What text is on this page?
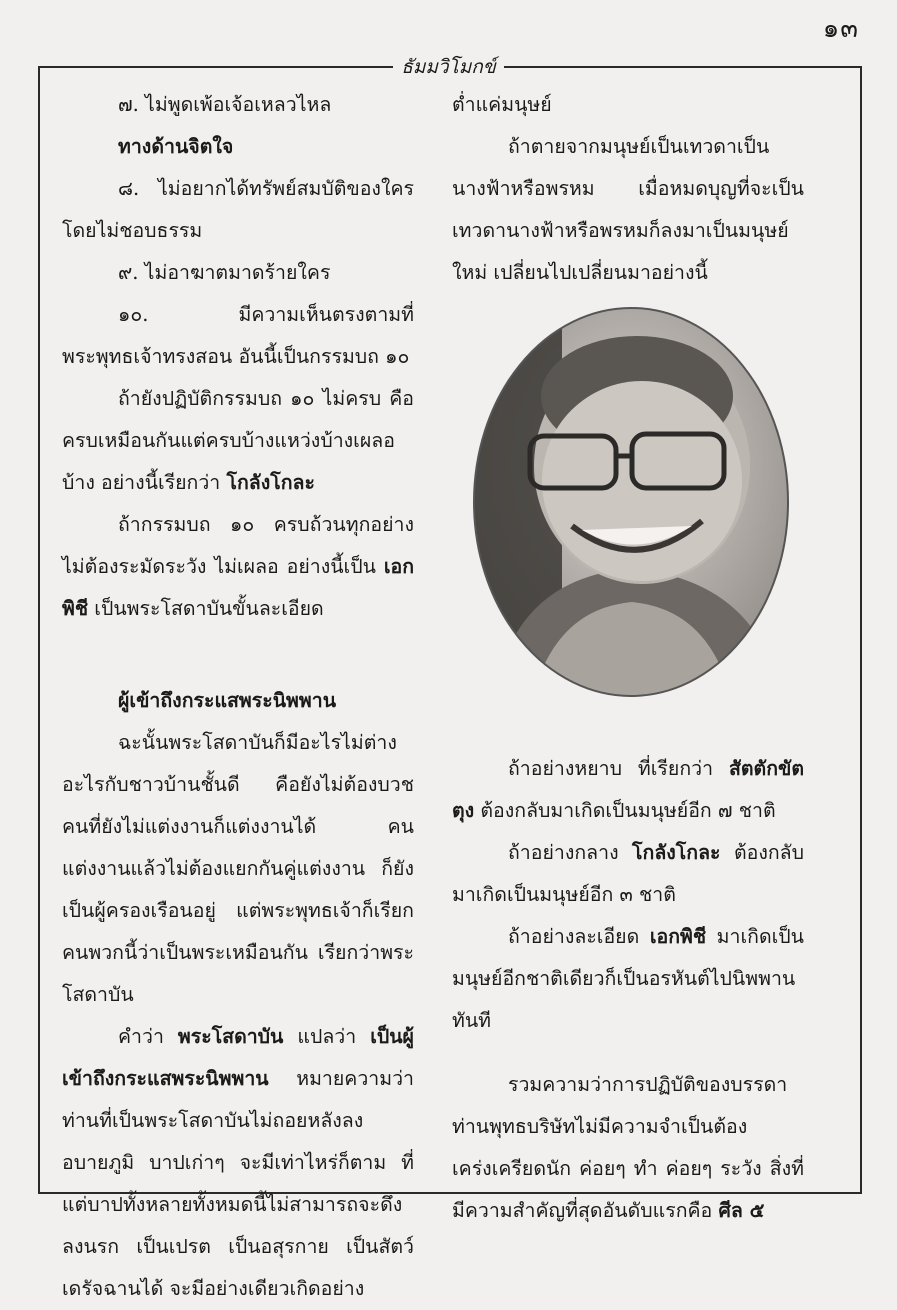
๑๓
ธัมมวิโมกข์

๗. ไม่พูดเพ้อเจ้อเหลวไหล

ทางด้านจิตใจ

๘. ไม่อยากได้ทรัพย์สมบัติของใครโดยไม่ชอบธรรม

๙. ไม่อาฆาตมาดร้ายใคร

๑๐. มีความเห็นตรงตามที่พระพุทธเจ้าทรงสอน อันนี้เป็นกรรมบถ ๑๐

ถ้ายังปฏิบัติกรรมบถ ๑๐ ไม่ครบ คือครบเหมือนกันแต่ครบบ้างแหว่งบ้างเผลอบ้าง อย่างนี้เรียกว่า โกลังโกละ

ถ้ากรรมบถ ๑๐ ครบถ้วนทุกอย่าง ไม่ต้องระมัดระวัง ไม่เผลอ อย่างนี้เป็น เอกพิชี เป็นพระโสดาบันขั้นละเอียด

ผู้เข้าถึงกระแสพระนิพพาน

ฉะนั้นพระโสดาบันก็มีอะไรไม่ต่างอะไรกับชาวบ้านชั้นดี คือยังไม่ต้องบวช คนที่ยังไม่แต่งงานก็แต่งงานได้ คนแต่งงานแล้วไม่ต้องแยกกันคู่แต่งงาน ก็ยังเป็นผู้ครองเรือนอยู่ แต่พระพุทธเจ้าก็เรียกคนพวกนี้ว่าเป็นพระเหมือนกัน เรียกว่าพระโสดาบัน

คำว่า พระโสดาบัน แปลว่า เป็นผู้เข้าถึงกระแสพระนิพพาน หมายความว่าท่านที่เป็นพระโสดาบันไม่ถอยหลังลงอบายภูมิ บาปเก่าๆ จะมีเท่าไหร่ก็ตาม ที่ แต่บาปทั้งหลายทั้งหมดนี้ไม่สามารถจะดึงลงนรก เป็นเปรต เป็นอสุรกาย เป็นสัตว์เดรัจฉานได้ จะมีอย่างเดียวเกิดอย่าง

ต่ำแค่มนุษย์

ถ้าตายจากมนุษย์เป็นเทวดาเป็นนางฟ้าหรือพรหม เมื่อหมดบุญที่จะเป็นเทวดานางฟ้าหรือพรหมก็ลงมาเป็นมนุษย์ใหม่ เปลี่ยนไปเปลี่ยนมาอย่างนี้

ถ้าอย่างหยาบ ที่เรียกว่า สัตตักขัตตุง ต้องกลับมาเกิดเป็นมนุษย์อีก ๗ ชาติ

ถ้าอย่างกลาง โกลังโกละ ต้องกลับมาเกิดเป็นมนุษย์อีก ๓ ชาติ

ถ้าอย่างละเอียด เอกพิชี มาเกิดเป็นมนุษย์อีกชาติเดียวก็เป็นอรหันต์ไปนิพพานทันที

รวมความว่าการปฏิบัติของบรรดาท่านพุทธบริษัทไม่มีความจำเป็นต้องเคร่งเครียดนัก ค่อยๆ ทำ ค่อยๆ ระวัง สิ่งที่มีความสำคัญที่สุดอันดับแรกคือ ศีล ๕
